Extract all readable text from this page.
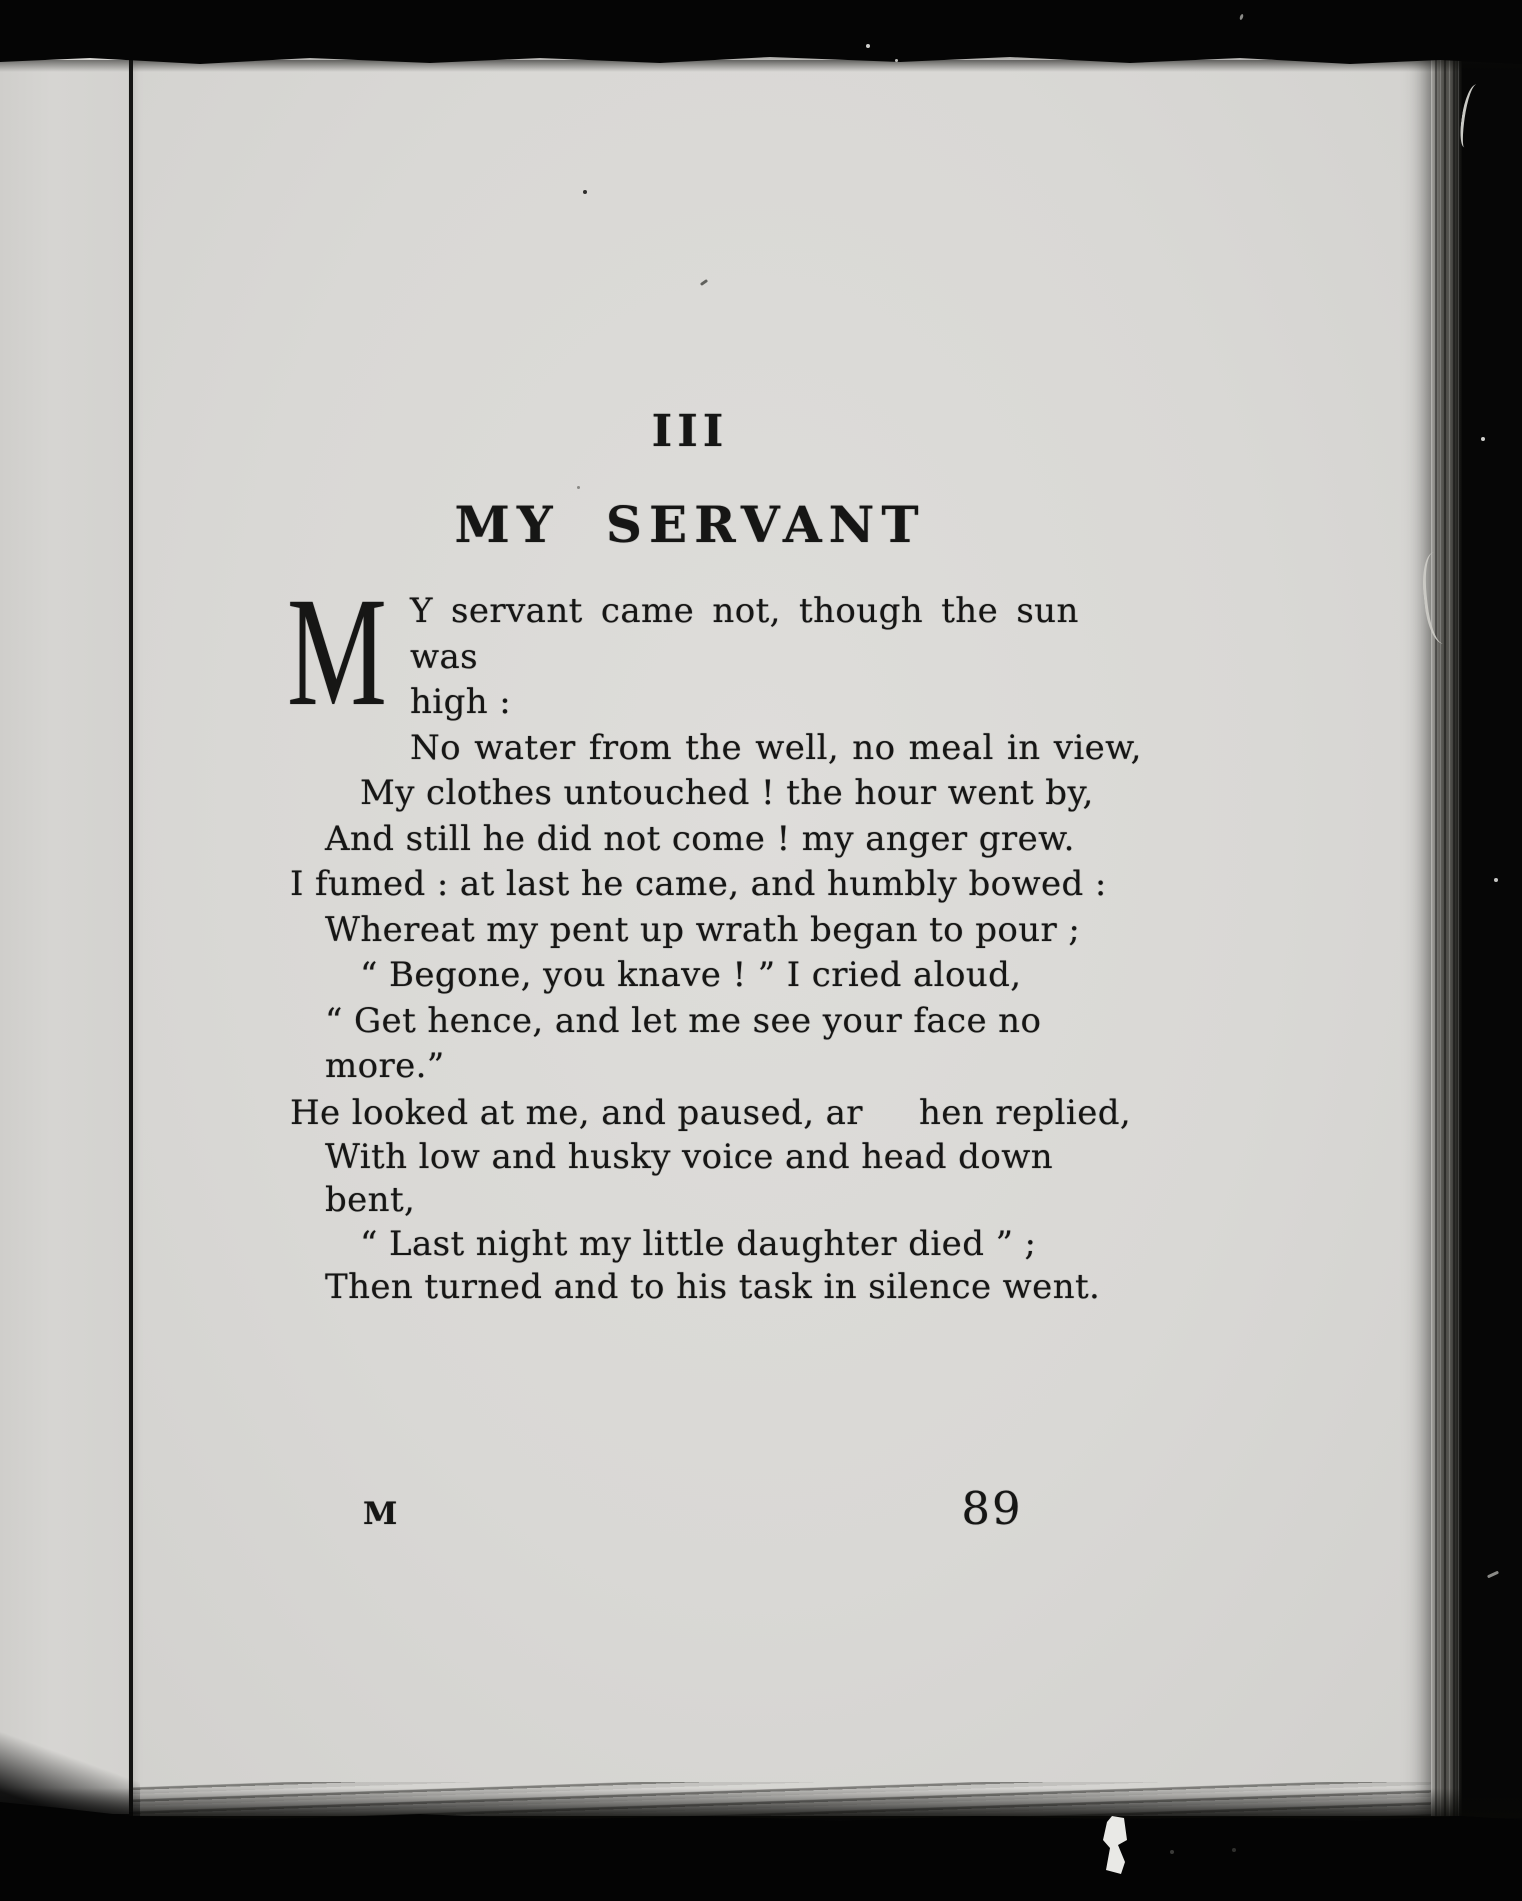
III
MY SERVANT
M Y servant came not, though the sun was
high :
No water from the well, no meal in view,
My clothes untouched ! the hour went by,
And still he did not come ! my anger grew.
I fumed : at last he came, and humbly bowed :
Whereat my pent up wrath began to pour ;
“ Begone, you knave ! ” I cried aloud,
“ Get hence, and let me see your face no more.”
He looked at me, and paused, ar     hen replied,
With low and husky voice and head down bent,
“ Last night my little daughter died ” ;
Then turned and to his task in silence went.
M	89
